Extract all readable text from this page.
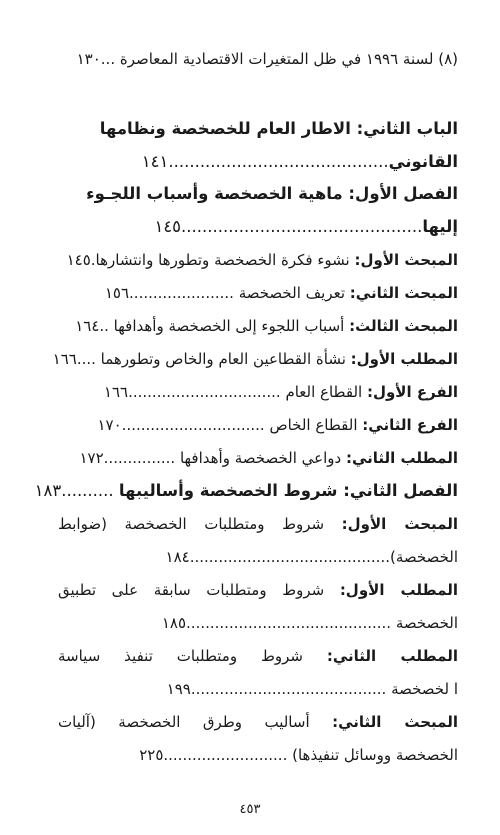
(٨) لسنة ١٩٩٦ في ظل المتغيرات الاقتصادية المعاصرة ...١٣٠
الباب الثاني: الاطار العام للخصخصة ونظامها
القانوني..........................................١٤١
الفصل الأول: ماهية الخصخصة وأسباب اللجـوء
إليها..............................................١٤٥
المبحث الأول: نشوء فكرة الخصخصة وتطورها وانتشارها.١٤٥
المبحث الثاني: تعريف الخصخصة ......................١٥٦
المبحث الثالث: أسباب اللجوء إلى الخصخصة وأهدافها ..١٦٤
المطلب الأول: نشأة القطاعين العام والخاص وتطورهما ....١٦٦
الفرع الأول: القطاع العام ................................١٦٦
الفرع الثاني: القطاع الخاص ..............................١٧٠
المطلب الثاني: دواعي الخصخصة وأهدافها ...............١٧٢
الفصل الثاني: شروط الخصخصة وأساليبها ..........١٨٣
المبحث الأول: شروط ومتطلبات الخصخصة (ضوابط
الخصخصة)..........................................١٨٤
المطلب الأول: شروط ومتطلبات سابقة على تطبيق
الخصخصة ...........................................١٨٥
المطلب الثاني: شروط ومتطلبات تنفيذ سياسة
ا لخصخصة .........................................١٩٩
المبحث الثاني: أساليب وطرق الخصخصة (آليات
الخصخصة ووسائل تنفيذها) ..........................٢٢٥
٤٥٣
